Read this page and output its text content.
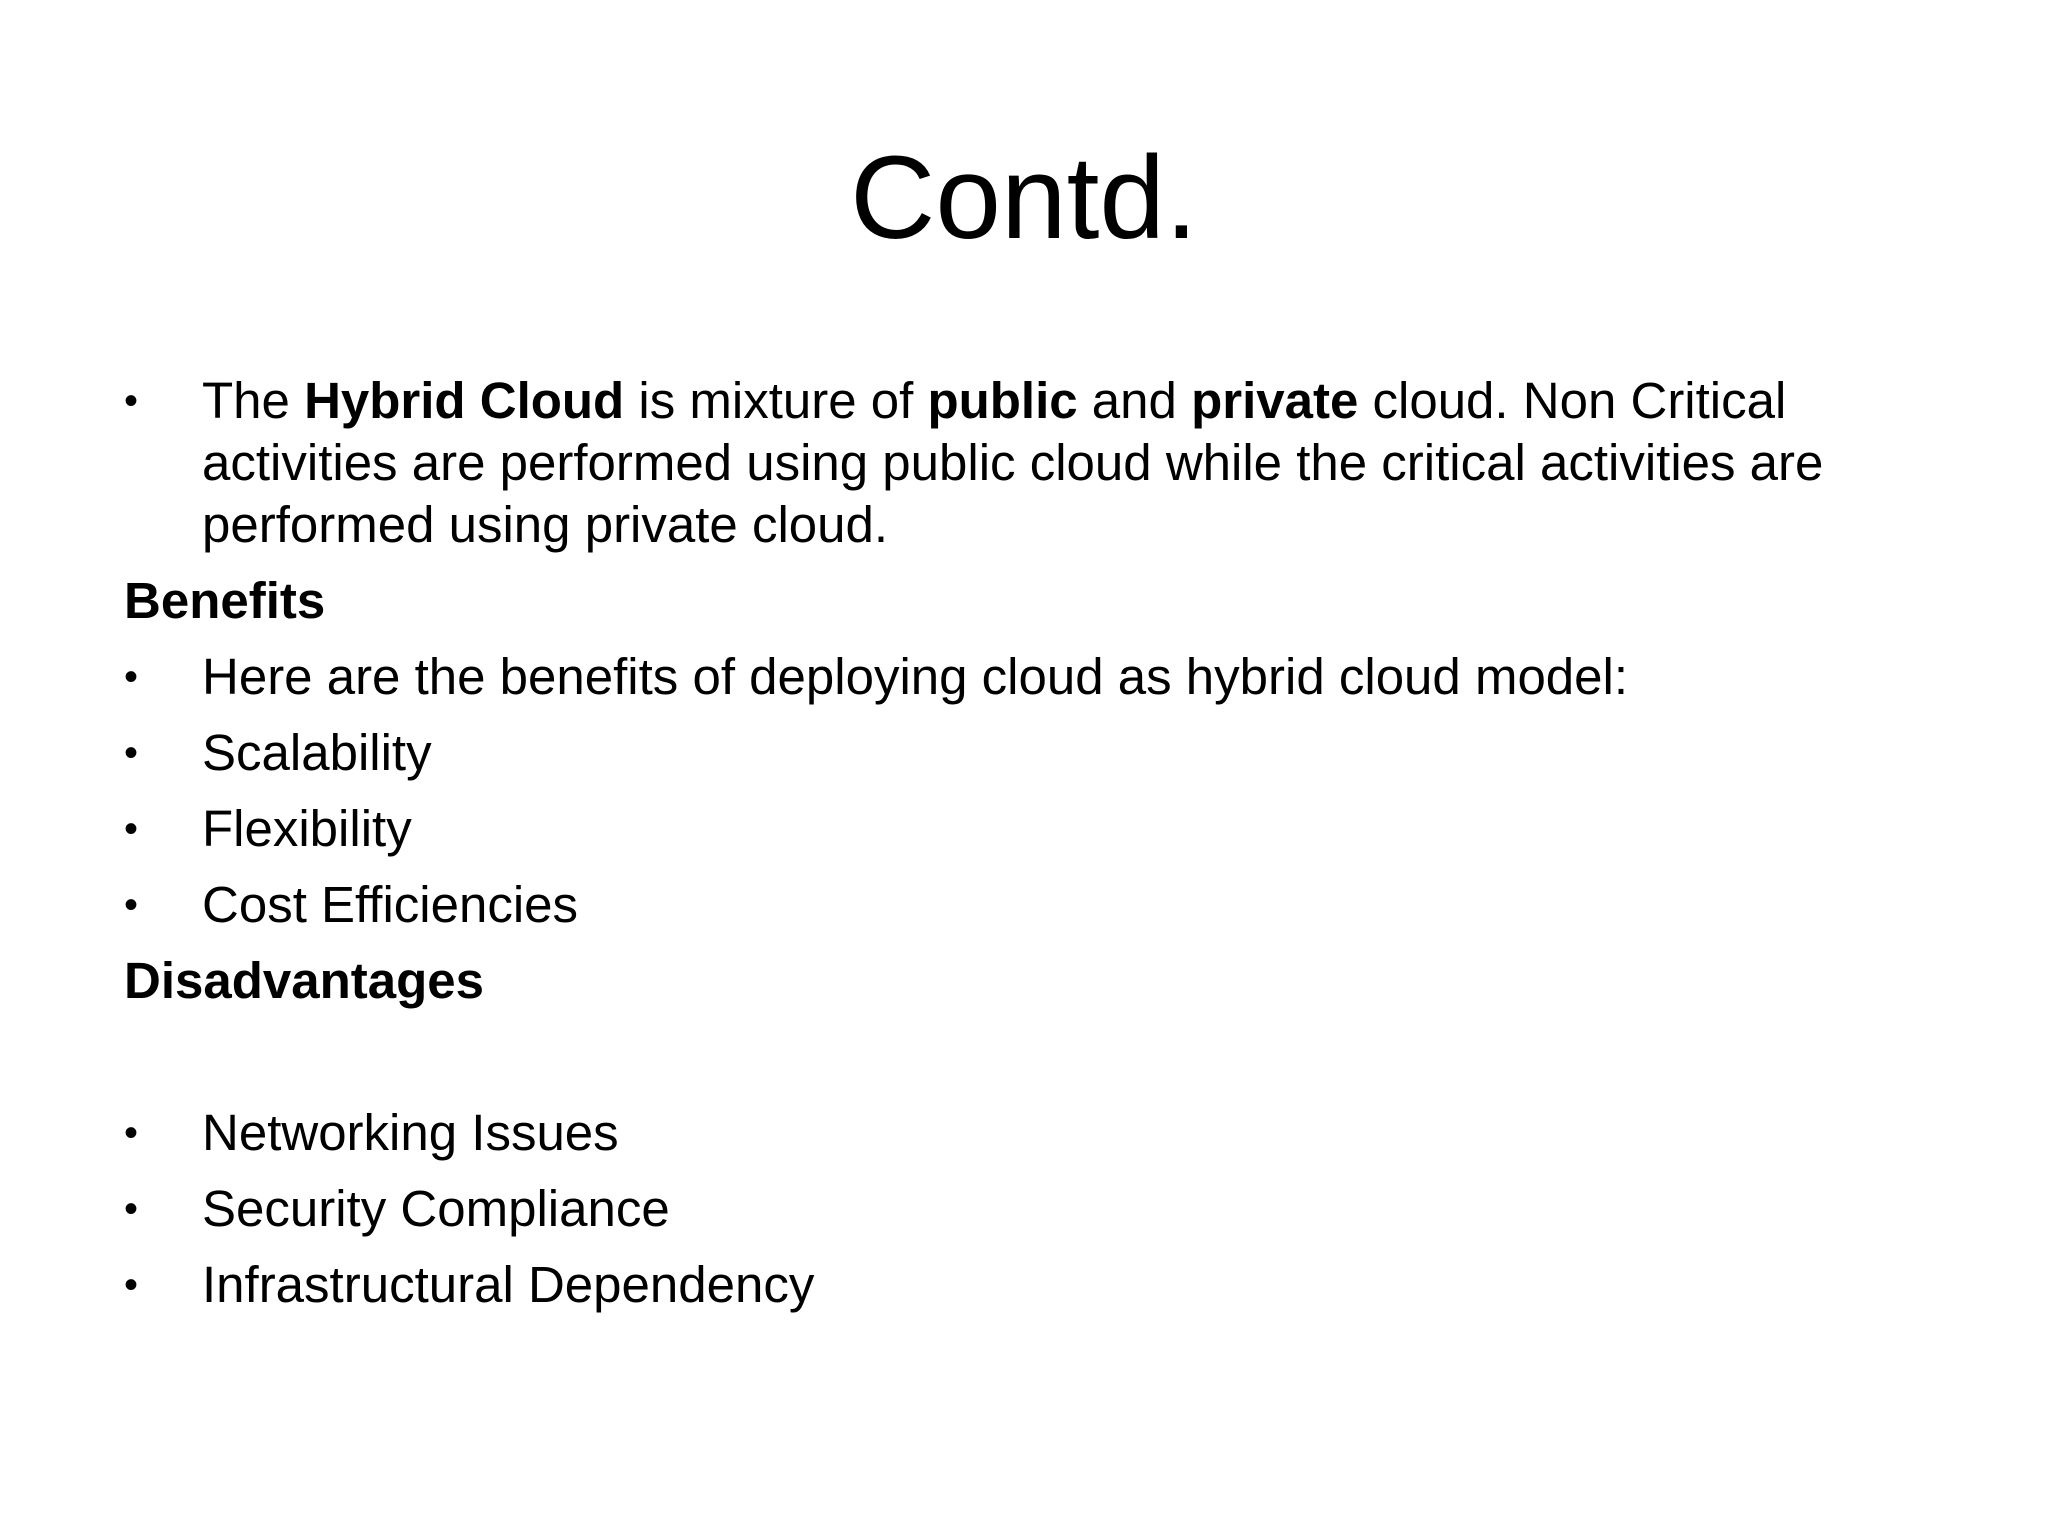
Contd.
•	The Hybrid Cloud is mixture of public and private cloud. Non Critical activities are performed using public cloud while the critical activities are performed using private cloud.
Benefits
•	Here are the benefits of deploying cloud as hybrid cloud model:
•	Scalability
•	Flexibility
•	Cost Efficiencies
Disadvantages
•	Networking Issues
•	Security Compliance
•	Infrastructural Dependency
